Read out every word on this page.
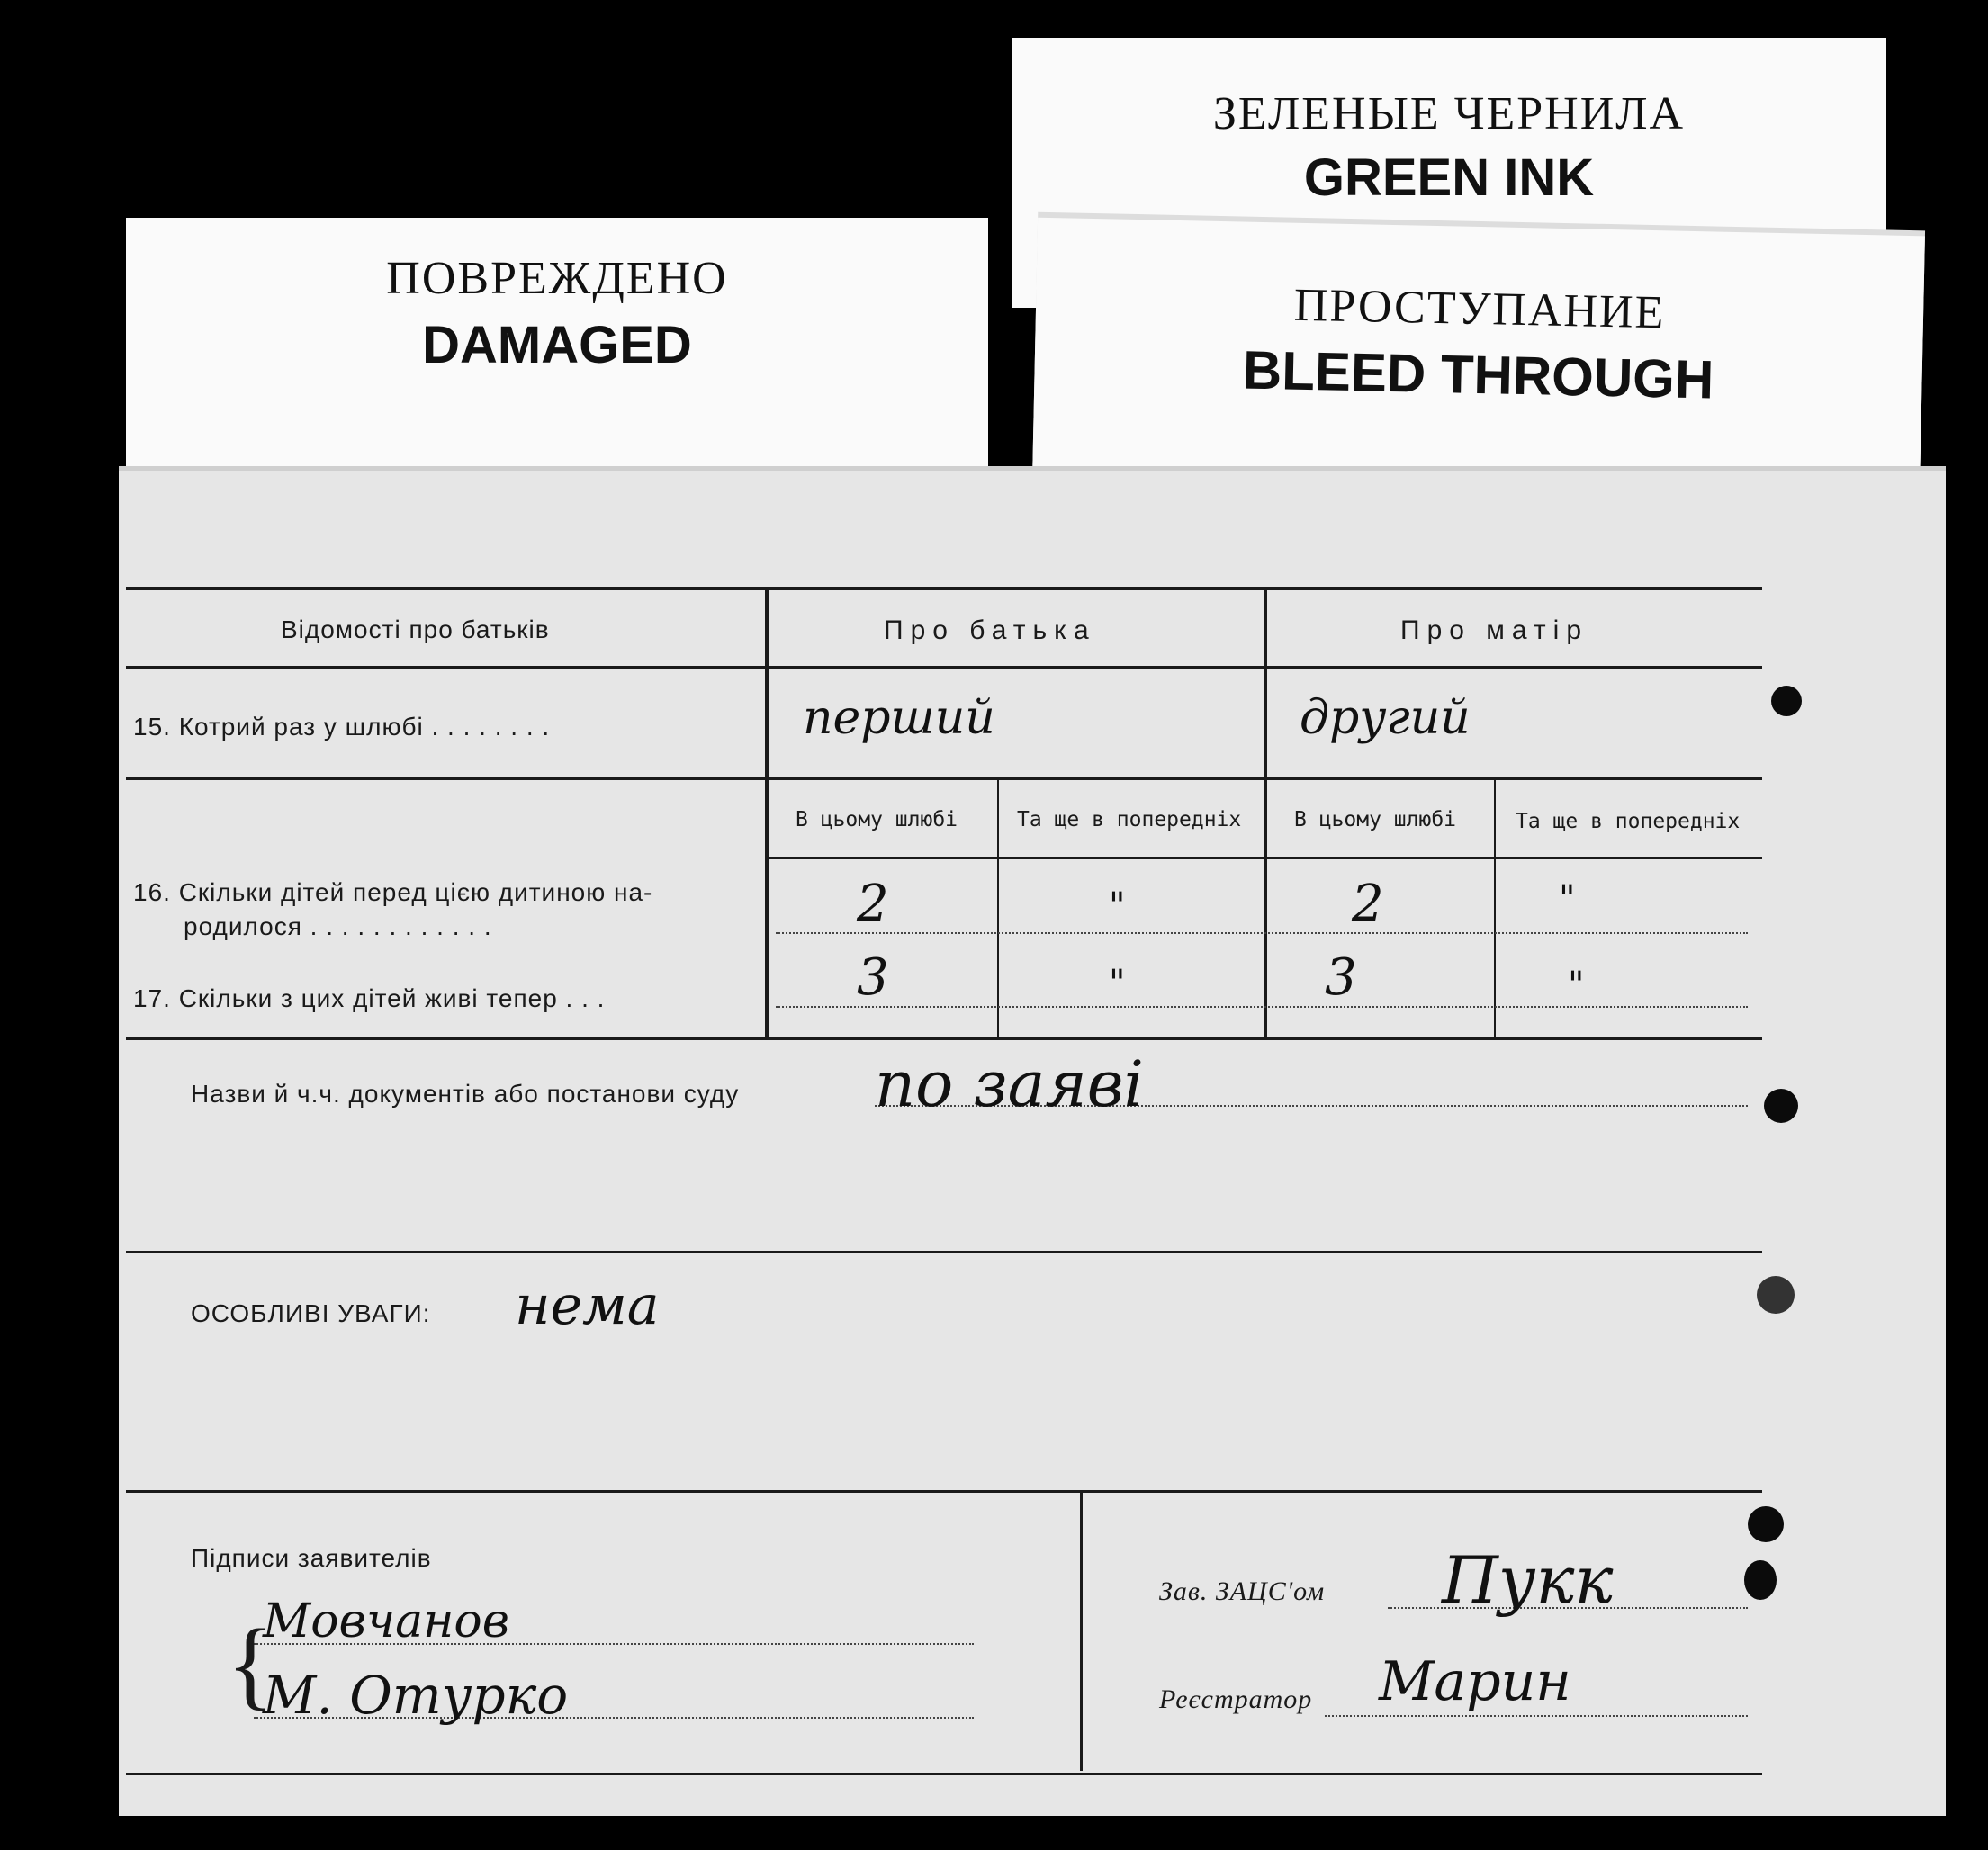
ПОВРЕЖДЕНО
DAMAGED
ЗЕЛЕНЫЕ ЧЕРНИЛА
GREEN INK
ПРОСТУПАНИЕ
BLEED THROUGH
Відомості про батьків	Про батька	Про матір
15. Котрий раз у шлюбі . . . . . . . .	перший	другий
В цьому шлюбі	Та ще в попередніх	В цьому шлюбі	Та ще в попередніх
16. Скільки дітей перед цією дитиною на-
родилося . . . . . . . . . . . .	2	"	2	"
17. Скільки з цих дітей живі тепер . . .	3	"	3	"
Назви й ч.ч. документів або постанови суду по заяві
ОСОБЛИВІ УВАГИ: нема
Підписи заявителів
Мовчанов
М. Отурко
{
Зав. ЗАЦС'ом Пукк
Реєстратор Марин
